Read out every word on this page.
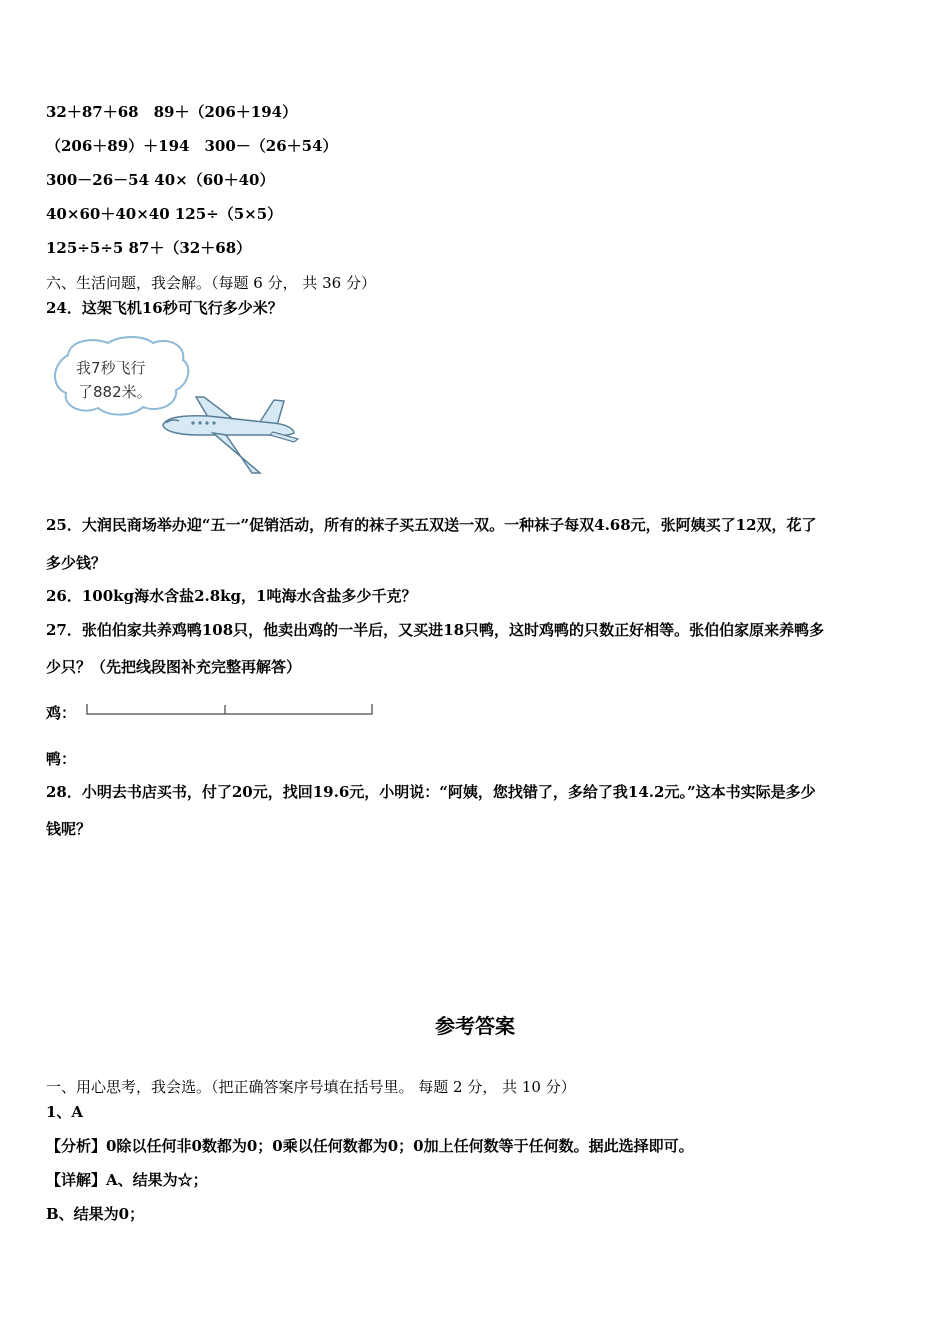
32＋87＋68　89＋（206＋194）
（206＋89）＋194　300－（26＋54）
300－26－54 40×（60＋40）
40×60＋40×40 125÷（5×5）
125÷5÷5 87＋（32＋68）
六、生活问题，我会解。（每题 6 分， 共 36 分）
24．这架飞机16秒可飞行多少米？
我7秒飞行
了882米。
25．大润民商场举办迎“五一”促销活动，所有的袜子买五双送一双。一种袜子每双4.68元，张阿姨买了12双，花了
多少钱？
26．100kg海水含盐2.8kg，1吨海水含盐多少千克？
27．张伯伯家共养鸡鸭108只，他卖出鸡的一半后，又买进18只鸭，这时鸡鸭的只数正好相等。张伯伯家原来养鸭多
少只？（先把线段图补充完整再解答）
鸡：
鸭：
28．小明去书店买书，付了20元，找回19.6元，小明说：“阿姨，您找错了，多给了我14.2元。”这本书实际是多少
钱呢？
参考答案
一、用心思考，我会选。（把正确答案序号填在括号里。 每题 2 分， 共 10 分）
1、A
【分析】0除以任何非0数都为0；0乘以任何数都为0；0加上任何数等于任何数。据此选择即可。
【详解】A、结果为☆；
B、结果为0；
